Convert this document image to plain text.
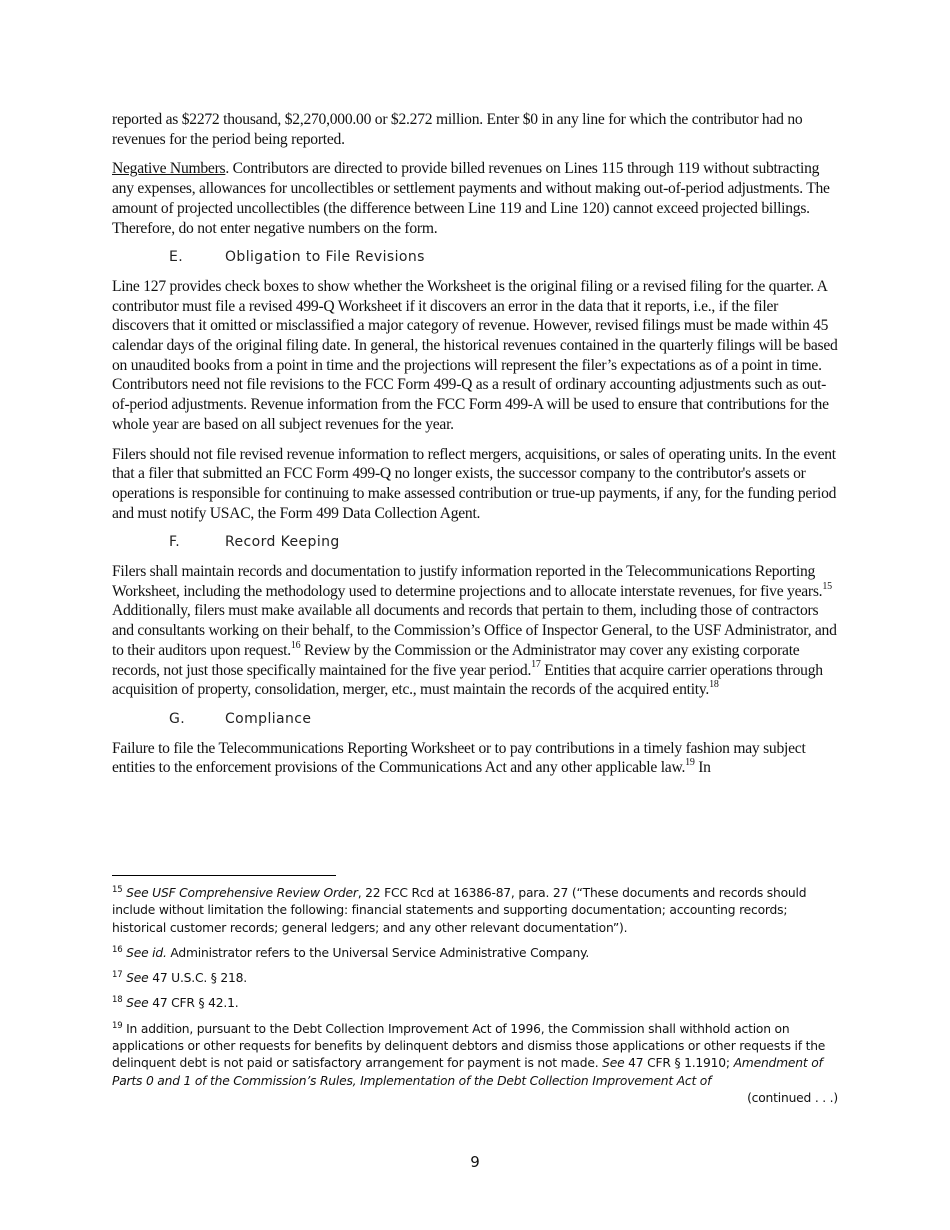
reported as $2272 thousand, $2,270,000.00 or $2.272 million. Enter $0 in any line for which the contributor had no revenues for the period being reported.

Negative Numbers. Contributors are directed to provide billed revenues on Lines 115 through 119 without subtracting any expenses, allowances for uncollectibles or settlement payments and without making out-of-period adjustments. The amount of projected uncollectibles (the difference between Line 119 and Line 120) cannot exceed projected billings. Therefore, do not enter negative numbers on the form.

E.	Obligation to File Revisions

Line 127 provides check boxes to show whether the Worksheet is the original filing or a revised filing for the quarter. A contributor must file a revised 499-Q Worksheet if it discovers an error in the data that it reports, i.e., if the filer discovers that it omitted or misclassified a major category of revenue. However, revised filings must be made within 45 calendar days of the original filing date. In general, the historical revenues contained in the quarterly filings will be based on unaudited books from a point in time and the projections will represent the filer’s expectations as of a point in time. Contributors need not file revisions to the FCC Form 499-Q as a result of ordinary accounting adjustments such as out-of-period adjustments. Revenue information from the FCC Form 499-A will be used to ensure that contributions for the whole year are based on all subject revenues for the year.

Filers should not file revised revenue information to reflect mergers, acquisitions, or sales of operating units. In the event that a filer that submitted an FCC Form 499-Q no longer exists, the successor company to the contributor's assets or operations is responsible for continuing to make assessed contribution or true-up payments, if any, for the funding period and must notify USAC, the Form 499 Data Collection Agent.

F.	Record Keeping

Filers shall maintain records and documentation to justify information reported in the Telecommunications Reporting Worksheet, including the methodology used to determine projections and to allocate interstate revenues, for five years.$^{15}$ Additionally, filers must make available all documents and records that pertain to them, including those of contractors and consultants working on their behalf, to the Commission’s Office of Inspector General, to the USF Administrator, and to their auditors upon request.$^{16}$ Review by the Commission or the Administrator may cover any existing corporate records, not just those specifically maintained for the five year period.$^{17}$ Entities that acquire carrier operations through acquisition of property, consolidation, merger, etc., must maintain the records of the acquired entity.$^{18}$

G.	Compliance

Failure to file the Telecommunications Reporting Worksheet or to pay contributions in a timely fashion may subject entities to the enforcement provisions of the Communications Act and any other applicable law.$^{19}$ In

$^{15}$ See USF Comprehensive Review Order, 22 FCC Rcd at 16386-87, para. 27 (“These documents and records should include without limitation the following: financial statements and supporting documentation; accounting records; historical customer records; general ledgers; and any other relevant documentation”).
$^{16}$ See id. Administrator refers to the Universal Service Administrative Company.
$^{17}$ See 47 U.S.C. § 218.
$^{18}$ See 47 CFR § 42.1.
$^{19}$ In addition, pursuant to the Debt Collection Improvement Act of 1996, the Commission shall withhold action on applications or other requests for benefits by delinquent debtors and dismiss those applications or other requests if the delinquent debt is not paid or satisfactory arrangement for payment is not made. See 47 CFR § 1.1910; Amendment of Parts 0 and 1 of the Commission’s Rules, Implementation of the Debt Collection Improvement Act of
(continued . . .)
9
